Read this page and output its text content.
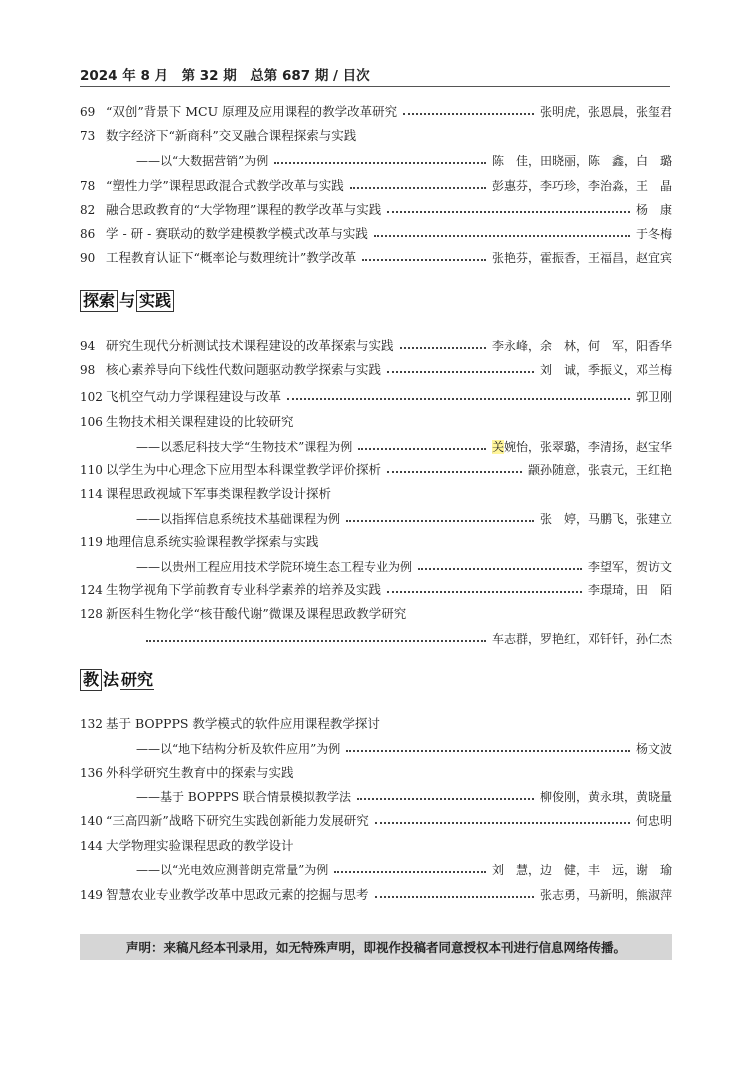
2024 年 8 月　第 32 期　总第 687 期 / 目次
69 “双创”背景下 MCU 原理及应用课程的教学改革研究	张明虎，张恩晨，张玺君
73 数字经济下“新商科”交叉融合课程探索与实践
——以“大数据营销”为例	陈　佳，田晓丽，陈　鑫，白　璐
78 “塑性力学”课程思政混合式教学改革与实践	彭惠芬，李巧珍，李治淼，王　晶
82 融合思政教育的“大学物理”课程的教学改革与实践	杨　康
86 学 - 研 - 赛联动的数学建模教学模式改革与实践	于冬梅
90 工程教育认证下“概率论与数理统计”教学改革	张艳芬，霍振香，王福昌，赵宜宾
探索 与 实践
94 研究生现代分析测试技术课程建设的改革探索与实践	李永峰，余　林，何　军，阳香华
98 核心素养导向下线性代数问题驱动教学探索与实践	刘　诚，季振义，邓兰梅
102 飞机空气动力学课程建设与改革	郭卫刚
106 生物技术相关课程建设的比较研究
——以悉尼科技大学“生物技术”课程为例	关婉怡，张翠璐，李清扬，赵宝华
110 以学生为中心理念下应用型本科课堂教学评价探析	颛孙随意，张袁元，王红艳
114 课程思政视域下军事类课程教学设计探析
——以指挥信息系统技术基础课程为例	张　婷，马鹏飞，张建立
119 地理信息系统实验课程教学探索与实践
——以贵州工程应用技术学院环境生态工程专业为例	李望军，贺访文
124 生物学视角下学前教育专业科学素养的培养及实践	李璟琦，田　陌
128 新医科生物化学“核苷酸代谢”微课及课程思政教学研究
车志群，罗艳红，邓钎钎，孙仁杰
教 法 研究
132 基于 BOPPPS 教学模式的软件应用课程教学探讨
——以“地下结构分析及软件应用”为例	杨文波
136 外科学研究生教育中的探索与实践
——基于 BOPPPS 联合情景模拟教学法	柳俊刚，黄永琪，黄晓量
140 “三高四新”战略下研究生实践创新能力发展研究	何忠明
144 大学物理实验课程思政的教学设计
——以“光电效应测普朗克常量”为例	刘　慧，边　健，丰　远，谢　瑜
149 智慧农业专业教学改革中思政元素的挖掘与思考	张志勇，马新明，熊淑萍
声明：来稿凡经本刊录用，如无特殊声明，即视作投稿者同意授权本刊进行信息网络传播。
